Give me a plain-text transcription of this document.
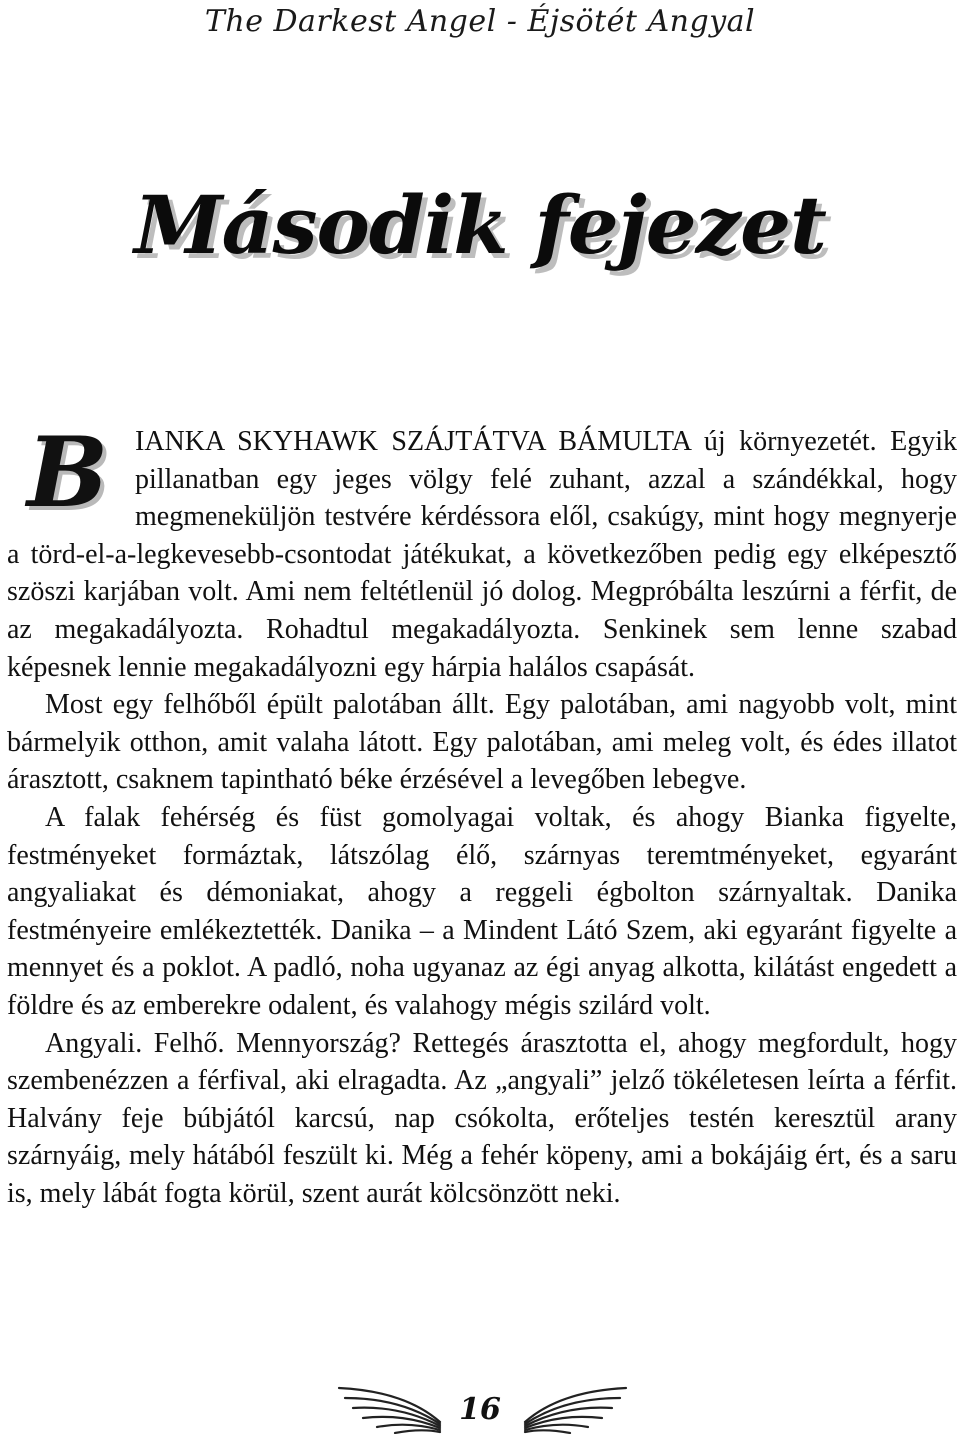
The Darkest Angel - Éjsötét Angyal
Második fejezet

BIANKA SKYHAWK SZÁJTÁTVA BÁMULTA új környezetét. Egyik pillanatban egy jeges völgy felé zuhant, azzal a szándékkal, hogy megmeneküljön testvére kérdéssora elől, csakúgy, mint hogy megnyerje a törd-el-a-legkevesebb-csontodat játékukat, a következőben pedig egy elképesztő szöszi karjában volt. Ami nem feltétlenül jó dolog. Megpróbálta leszúrni a férfit, de az megakadályozta. Rohadtul megakadályozta. Senkinek sem lenne szabad képesnek lennie megakadályozni egy hárpia halálos csapását.

Most egy felhőből épült palotában állt. Egy palotában, ami nagyobb volt, mint bármelyik otthon, amit valaha látott. Egy palotában, ami meleg volt, és édes illatot árasztott, csaknem tapintható béke érzésével a levegőben lebegve.

A falak fehérség és füst gomolyagai voltak, és ahogy Bianka figyelte, festményeket formáztak, látszólag élő, szárnyas teremtményeket, egyaránt angyaliakat és démoniakat, ahogy a reggeli égbolton szárnyaltak. Danika festményeire emlékeztették. Danika – a Mindent Látó Szem, aki egyaránt figyelte a mennyet és a poklot. A padló, noha ugyanaz az égi anyag alkotta, kilátást engedett a földre és az emberekre odalent, és valahogy mégis szilárd volt.

Angyali. Felhő. Mennyország? Rettegés árasztotta el, ahogy megfordult, hogy szembenézzen a férfival, aki elragadta. Az „angyali” jelző tökéletesen leírta a férfit. Halvány feje búbjától karcsú, nap csókolta, erőteljes testén keresztül arany szárnyáig, mely hátából feszült ki. Még a fehér köpeny, ami a bokájáig ért, és a saru is, mely lábát fogta körül, szent aurát kölcsönzött neki.

16
